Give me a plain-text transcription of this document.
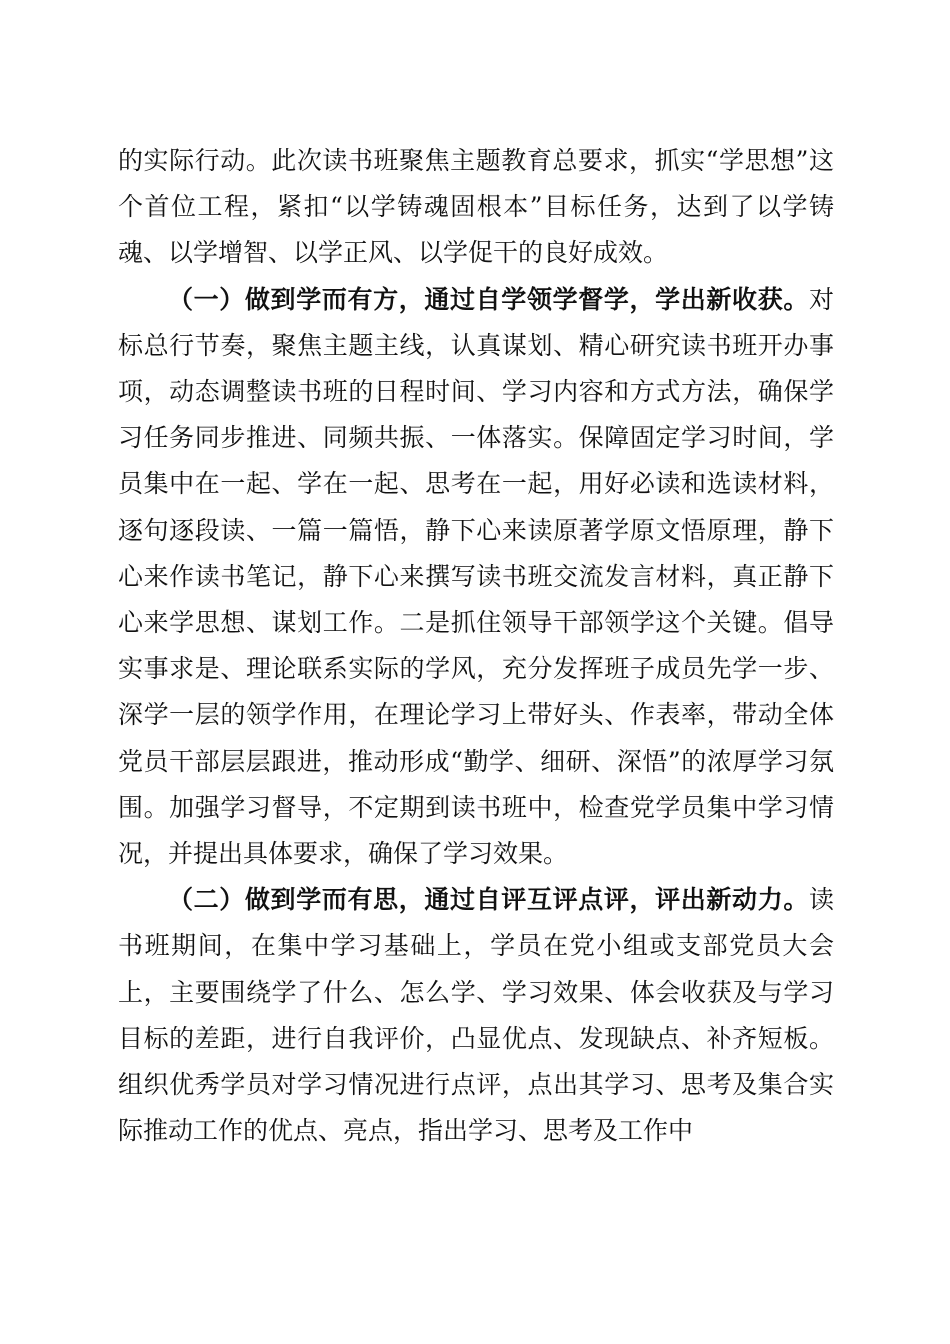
的实际行动。此次读书班聚焦主题教育总要求，抓实“学思想”这个首位工程，紧扣“以学铸魂固根本”目标任务，达到了以学铸魂、以学增智、以学正风、以学促干的良好成效。

（一）做到学而有方，通过自学领学督学，学出新收获。对标总行节奏，聚焦主题主线，认真谋划、精心研究读书班开办事项，动态调整读书班的日程时间、学习内容和方式方法，确保学习任务同步推进、同频共振、一体落实。保障固定学习时间，学员集中在一起、学在一起、思考在一起，用好必读和选读材料，逐句逐段读、一篇一篇悟，静下心来读原著学原文悟原理，静下心来作读书笔记，静下心来撰写读书班交流发言材料，真正静下心来学思想、谋划工作。二是抓住领导干部领学这个关键。倡导实事求是、理论联系实际的学风，充分发挥班子成员先学一步、深学一层的领学作用，在理论学习上带好头、作表率，带动全体党员干部层层跟进，推动形成“勤学、细研、深悟”的浓厚学习氛围。加强学习督导，不定期到读书班中，检查党学员集中学习情况，并提出具体要求，确保了学习效果。

（二）做到学而有思，通过自评互评点评，评出新动力。读书班期间，在集中学习基础上，学员在党小组或支部党员大会上，主要围绕学了什么、怎么学、学习效果、体会收获及与学习目标的差距，进行自我评价，凸显优点、发现缺点、补齐短板。组织优秀学员对学习情况进行点评，点出其学习、思考及集合实际推动工作的优点、亮点，指出学习、思考及工作中
